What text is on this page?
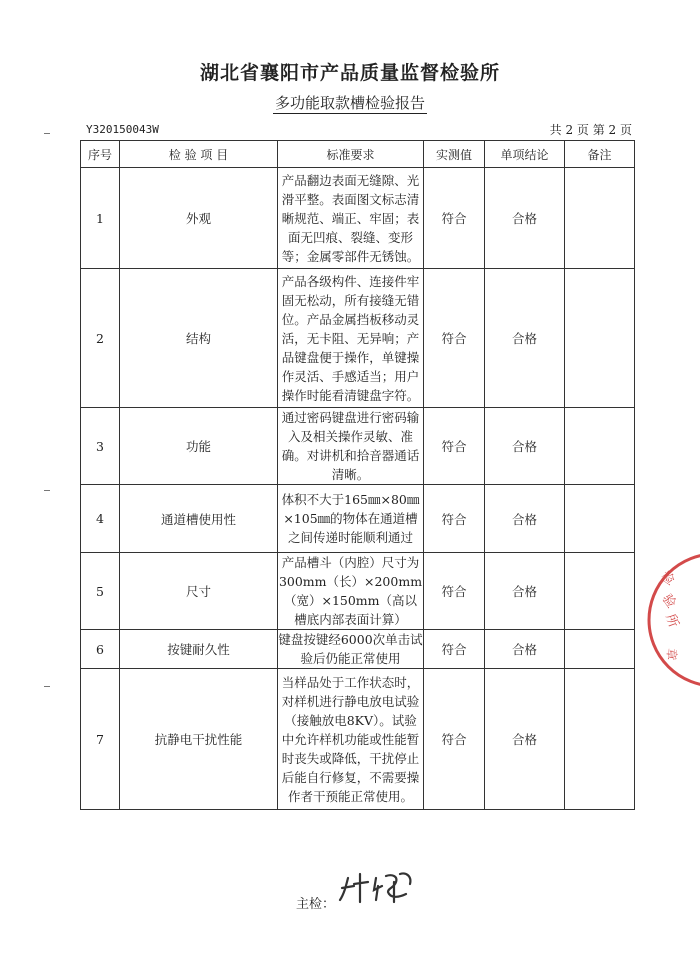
湖北省襄阳市产品质量监督检验所
多功能取款槽检验报告
Y320150043W	共 2 页 第 2 页
序号	检 验 项 目	标准要求	实测值	单项结论	备注
1	外观	产品翻边表面无缝隙、光滑平整。表面图文标志清晰规范、端正、牢固；表面无凹痕、裂缝、变形等；金属零部件无锈蚀。	符合	合格	
2	结构	产品各级构件、连接件牢固无松动，所有接缝无错位。产品金属挡板移动灵活，无卡阻、无异响；产品键盘便于操作，单键操作灵活、手感适当；用户操作时能看清键盘字符。	符合	合格	
3	功能	通过密码键盘进行密码输入及相关操作灵敏、准确。对讲机和拾音器通话清晰。	符合	合格	
4	通道槽使用性	体积不大于165㎜×80㎜×105㎜的物体在通道槽之间传递时能顺利通过	符合	合格	
5	尺寸	产品槽斗（内腔）尺寸为300mm（长）×200mm（宽）×150mm（高以槽底内部表面计算）	符合	合格	
6	按键耐久性	键盘按键经6000次单击试验后仍能正常使用	符合	合格	
7	抗静电干扰性能	当样品处于工作状态时，对样机进行静电放电试验（接触放电8KV）。试验中允许样机功能或性能暂时丧失或降低，干扰停止后能自行修复，不需要操作者干预能正常使用。	符合	合格	
主检：
检
验
所
章
